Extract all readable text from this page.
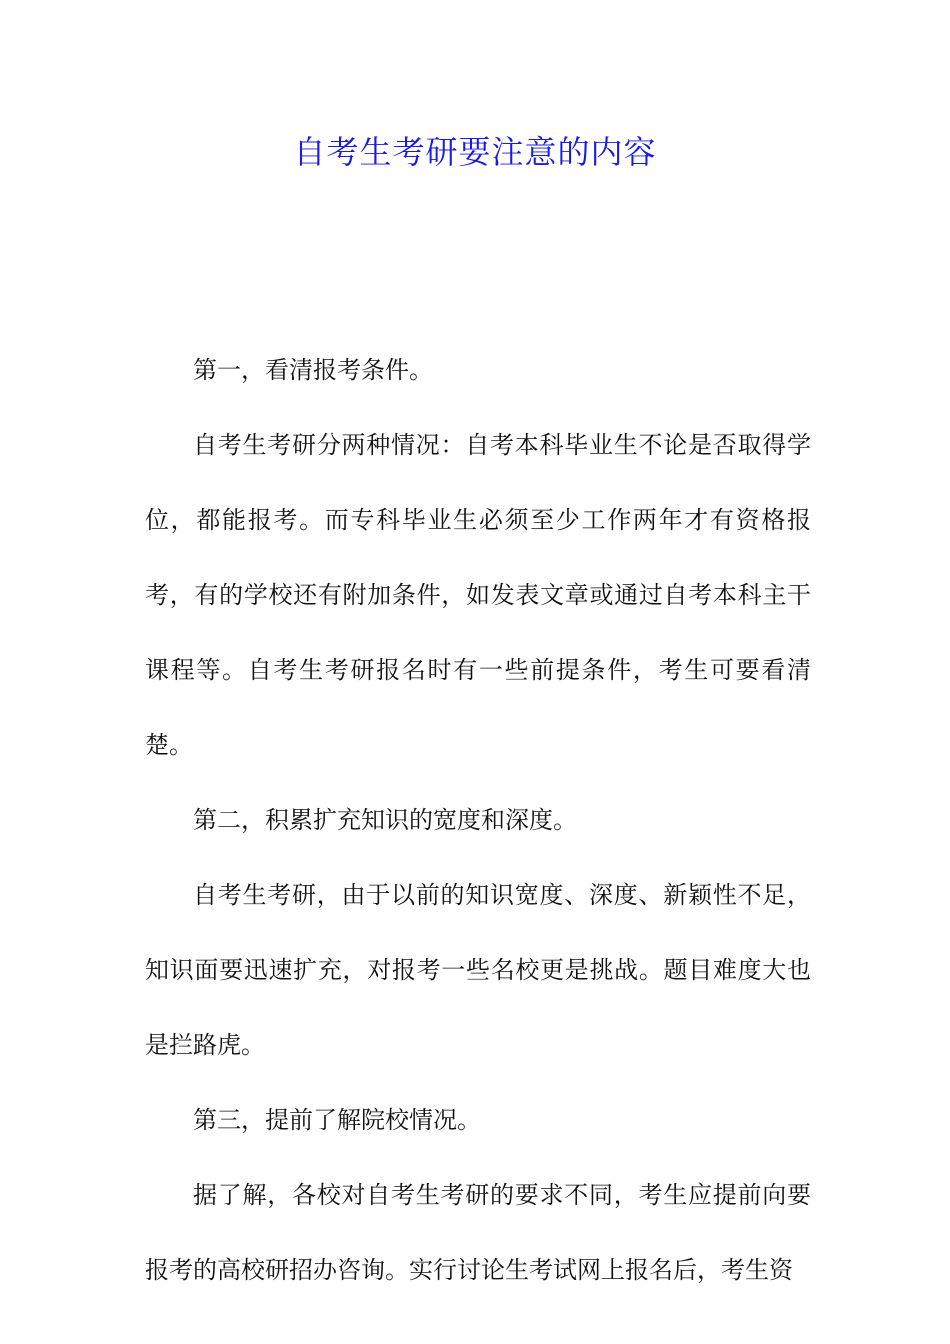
自考生考研要注意的内容

第一，看清报考条件。

自考生考研分两种情况：自考本科毕业生不论是否取得学位，都能报考。而专科毕业生必须至少工作两年才有资格报考，有的学校还有附加条件，如发表文章或通过自考本科主干课程等。自考生考研报名时有一些前提条件，考生可要看清楚。

第二，积累扩充知识的宽度和深度。

自考生考研，由于以前的知识宽度、深度、新颖性不足，知识面要迅速扩充，对报考一些名校更是挑战。题目难度大也是拦路虎。

第三，提前了解院校情况。

据了解，各校对自考生考研的要求不同，考生应提前向要报考的高校研招办咨询。实行讨论生考试网上报名后，考生资
